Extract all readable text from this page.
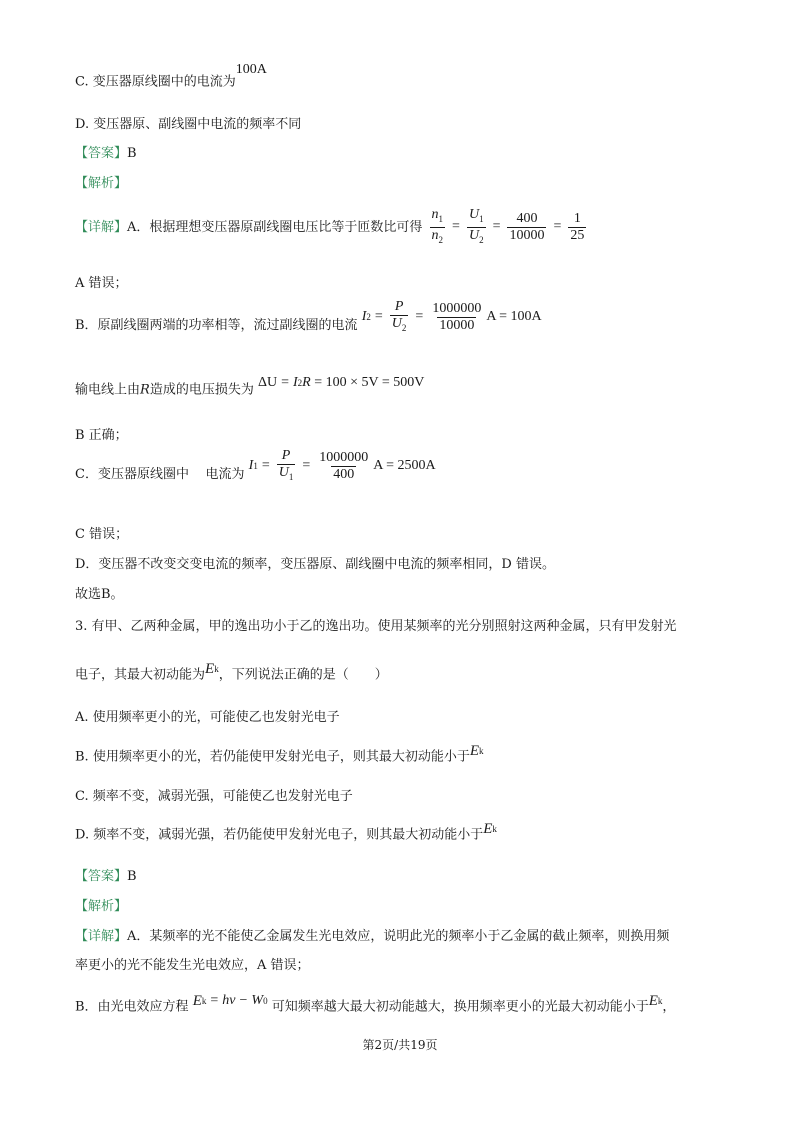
C. 变压器原线圈中的电流为100A
D. 变压器原、副线圈中电流的频率不同
【答案】B
【解析】
【详解】A．根据理想变压器原副线圈电压比等于匝数比可得 $\frac{n_1}{n_2} = \frac{U_1}{U_2} = \frac{400}{10000} = \frac{1}{25}$
A 错误；
B．原副线圈两端的功率相等，流过副线圈的电流
I $2 = \frac{P}{U_2} = \frac{1000000}{10000}$ A = 100A
输电线上由R造成的电压损失为 ΔU = I 2 R
= 100 × 5V = 500V
B 正确；
C．变压器原线圈中 电流为
I $1 = \frac{P}{U_1} = \frac{1000000}{400}$ A = 2500A
C 错误；
D．变压器不改变交变电流的频率，变压器原、副线圈中电流的频率相同，D 错误。
故选B。
3. 有甲、乙两种金属，甲的逸出功小于乙的逸出功。使用某频率的光分别照射这两种金属，只有甲发射光
电子，其最大初动能为 E k ，下列说法正确的是（　　）
A. 使用频率更小的光，可能使乙也发射光电子
B. 使用频率更小的光，若仍能使甲发射光电子，则其最大初动能小于 E k
C. 频率不变，减弱光强，可能使乙也发射光电子
D. 频率不变，减弱光强，若仍能使甲发射光电子，则其最大初动能小于 E k
【答案】B
【解析】
【详解】A．某频率的光不能使乙金属发生光电效应，说明此光的频率小于乙金属的截止频率，则换用频
率更小的光不能发生光电效应，A 错误；
B．由光电效应方程 E k = h ν − W 0 可知频率越大最大初动能越大，换用频率更小的光最大初动能小于 E k ，
第2页/共19页
